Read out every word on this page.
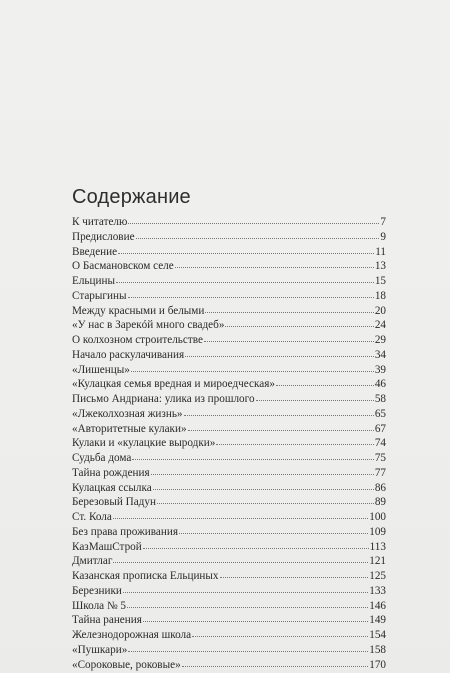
Содержание
К читателю	7
Предисловие	9
Введение	11
О Басмановском селе	13
Ельцины	15
Старыгины	18
Между красными и белыми	20
«У нас в Зарекóй много свадеб»	24
О колхозном строительстве	29
Начало раскулачивания	34
«Лишенцы»	39
«Кулацкая семья вредная и мироедческая»	46
Письмо Андриана: улика из прошлого	58
«Лжеколхозная жизнь»	65
«Авторитетные кулаки»	67
Кулаки и «кулацкие выродки»	74
Судьба дома	75
Тайна рождения	77
Кулацкая ссылка	86
Березовый Падун	89
Ст. Кола	100
Без права проживания	109
КазМашСтрой	113
Дмитлаг	121
Казанская прописка Ельциных	125
Березники	133
Школа № 5	146
Тайна ранения	149
Железнодорожная школа	154
«Пушкари»	158
«Сороковые, роковые»	170
